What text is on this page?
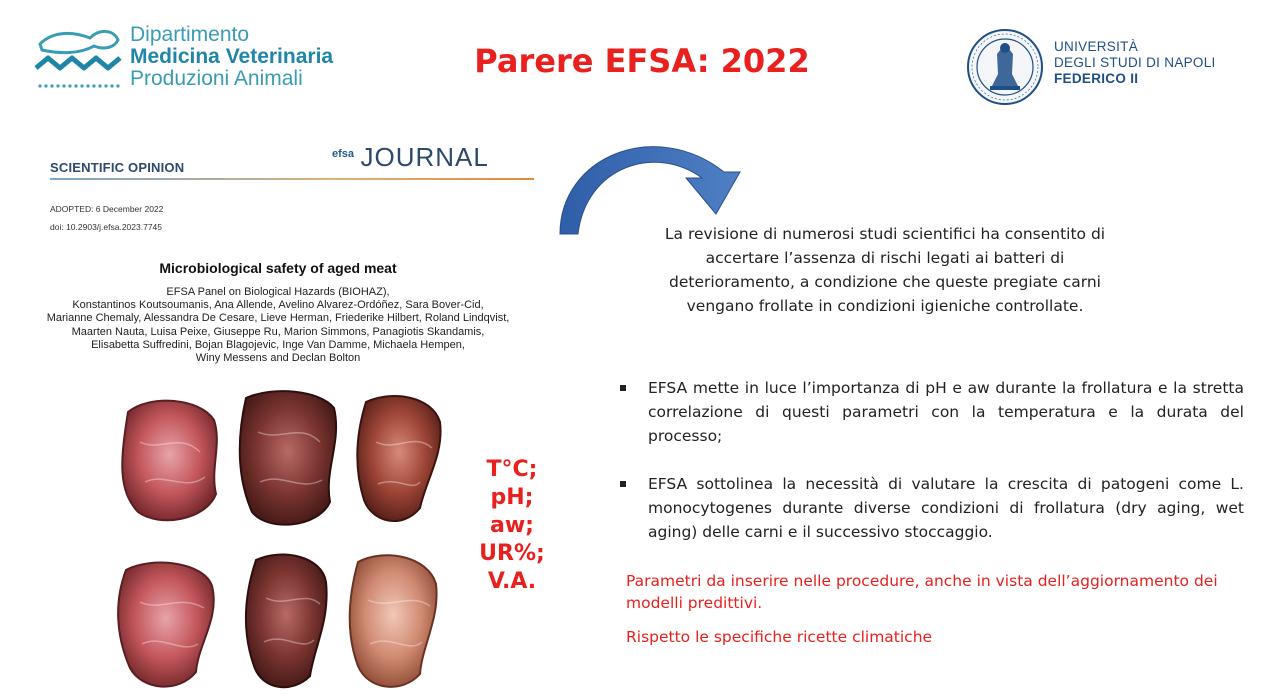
Dipartimento
Medicina Veterinaria
Produzioni Animali	Parere EFSA: 2022	UNIVERSITÀ
DEGLI STUDI DI NAPOLI
FEDERICO II
efsa JOURNAL
SCIENTIFIC OPINION
ADOPTED: 6 December 2022
doi: 10.2903/j.efsa.2023.7745
Microbiological safety of aged meat
EFSA Panel on Biological Hazards (BIOHAZ),
Konstantinos Koutsoumanis, Ana Allende, Avelino Alvarez-Ordóñez, Sara Bover-Cid,
Marianne Chemaly, Alessandra De Cesare, Lieve Herman, Friederike Hilbert, Roland Lindqvist,
Maarten Nauta, Luisa Peixe, Giuseppe Ru, Marion Simmons, Panagiotis Skandamis,
Elisabetta Suffredini, Bojan Blagojevic, Inge Van Damme, Michaela Hempen,
Winy Messens and Declan Bolton
T°C;
pH;
aw;
UR%;
V.A.
La revisione di numerosi studi scientifici ha consentito di
accertare l’assenza di rischi legati ai batteri di
deterioramento, a condizione che queste pregiate carni
vengano frollate in condizioni igieniche controllate.
EFSA mette in luce l’importanza di pH e aw durante la frollatura e la stretta correlazione di questi parametri con la temperatura e la durata del processo;
EFSA sottolinea la necessità di valutare la crescita di patogeni come L. monocytogenes durante diverse condizioni di frollatura (dry aging, wet aging) delle carni e il successivo stoccaggio.
Parametri da inserire nelle procedure, anche in vista dell’aggiornamento dei modelli predittivi.
Rispetto le specifiche ricette climatiche
